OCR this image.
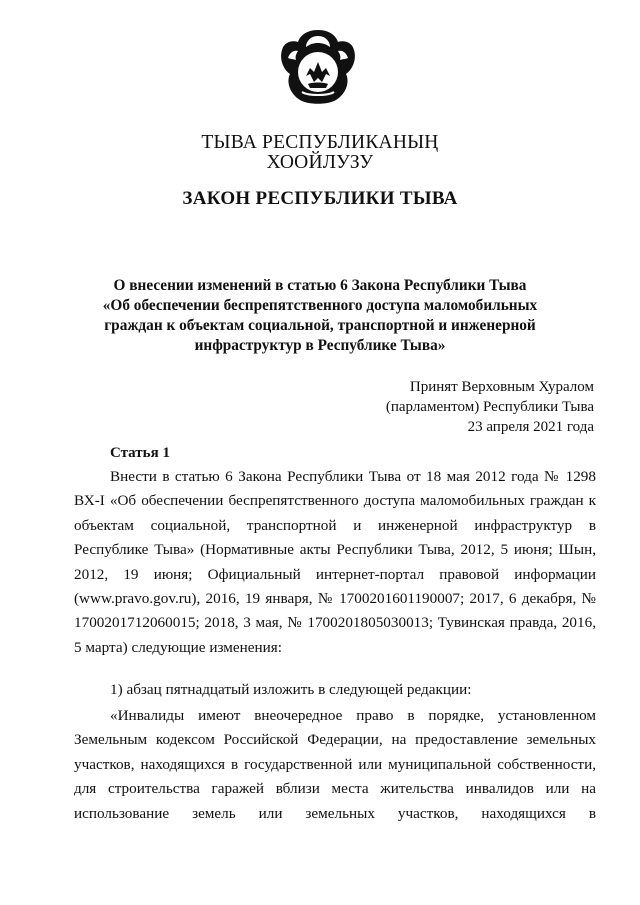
ТЫВА РЕСПУБЛИКАНЫҢ
ХООЙЛУЗУ
ЗАКОН РЕСПУБЛИКИ ТЫВА
О внесении изменений в статью 6 Закона Республики Тыва
«Об обеспечении беспрепятственного доступа маломобильных
граждан к объектам социальной, транспортной и инженерной
инфраструктур в Республике Тыва»
Принят Верховным Хуралом
(парламентом) Республики Тыва
23 апреля 2021 года
Статья 1
Внести в статью 6 Закона Республики Тыва от 18 мая 2012 года № 1298
ВХ-I «Об обеспечении беспрепятственного доступа маломобильных граждан к
объектам социальной, транспортной и инженерной инфраструктур в
Республике Тыва» (Нормативные акты Республики Тыва, 2012, 5 июня; Шын,
2012, 19 июня; Официальный интернет-портал правовой информации
(www.pravo.gov.ru), 2016, 19 января, № 1700201601190007; 2017, 6 декабря, №
1700201712060015; 2018, 3 мая, № 1700201805030013; Тувинская правда, 2016,
5 марта) следующие изменения:
1) абзац пятнадцатый изложить в следующей редакции:
«Инвалиды имеют внеочередное право в порядке, установленном
Земельным кодексом Российской Федерации, на предоставление земельных
участков, находящихся в государственной или муниципальной собственности,
для строительства гаражей вблизи места жительства инвалидов или на
использование земель или земельных участков, находящихся в
